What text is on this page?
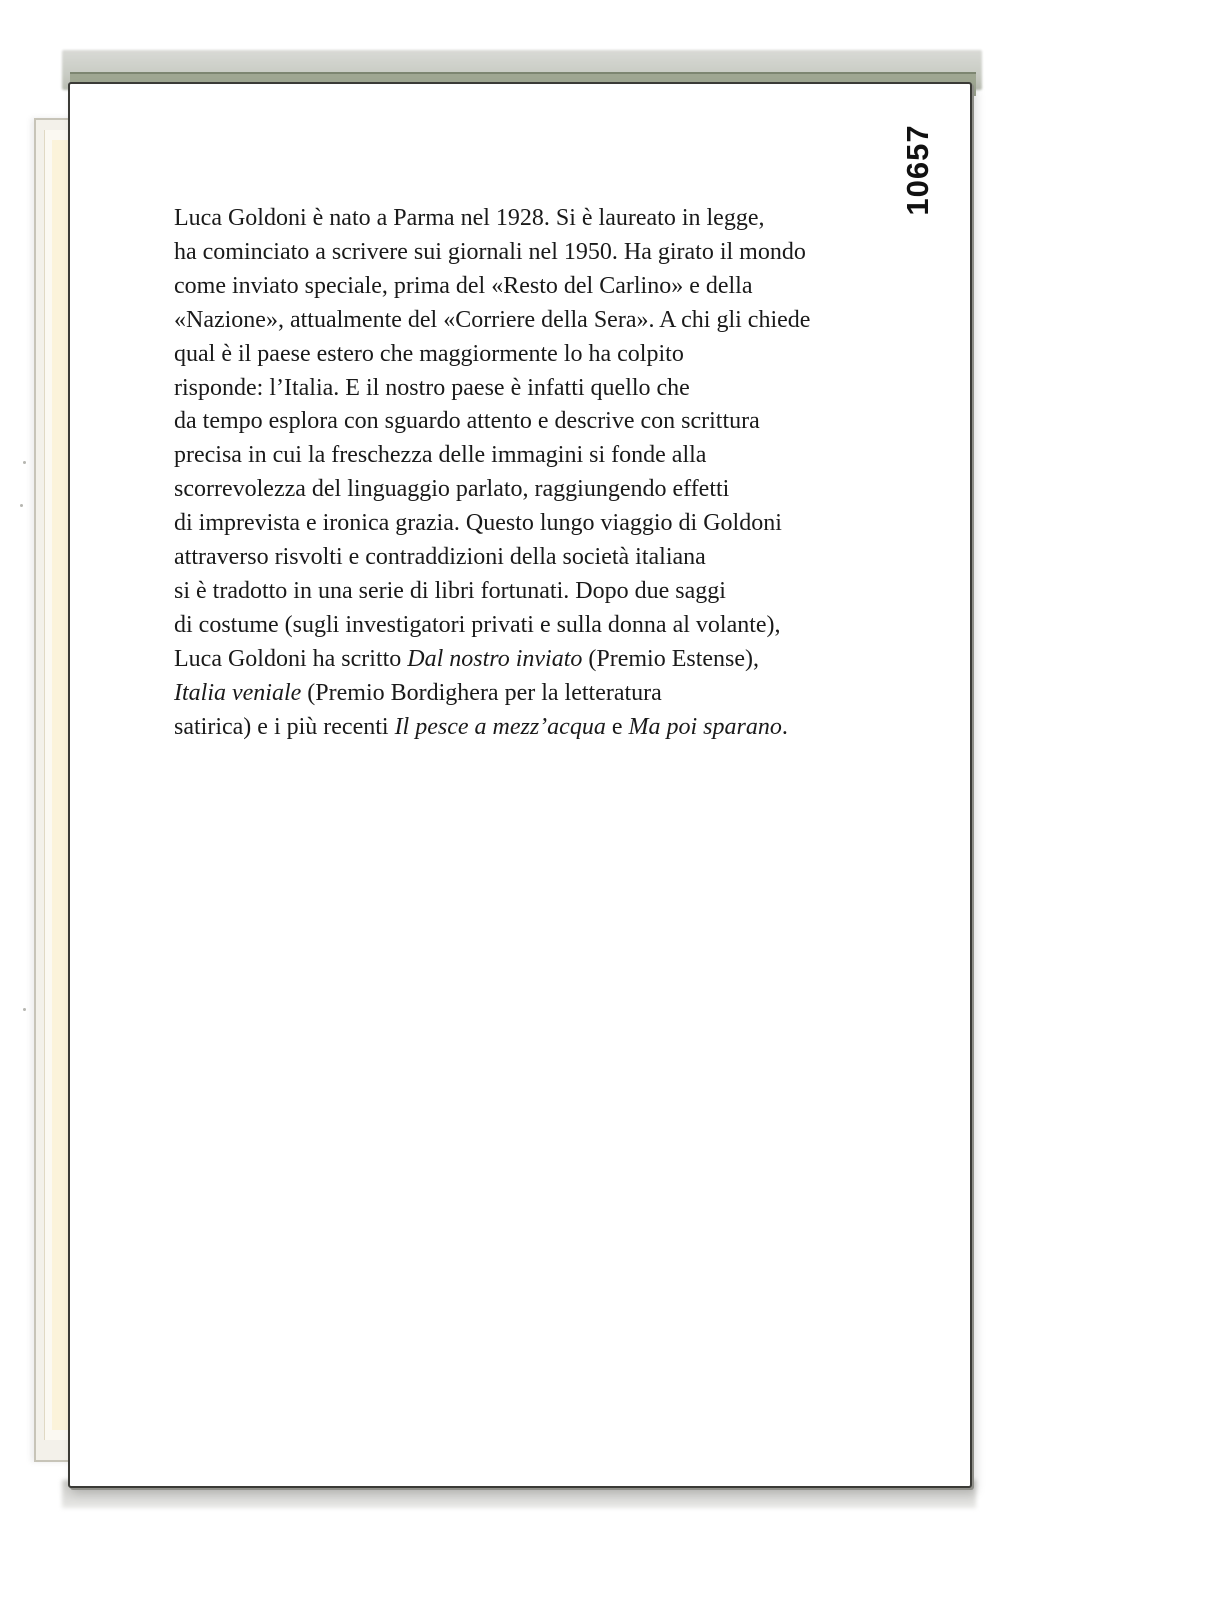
10657
Luca Goldoni è nato a Parma nel 1928. Si è laureato in legge,
ha cominciato a scrivere sui giornali nel 1950. Ha girato il mondo
come inviato speciale, prima del «Resto del Carlino» e della
«Nazione», attualmente del «Corriere della Sera». A chi gli chiede
qual è il paese estero che maggiormente lo ha colpito
risponde: l’Italia. E il nostro paese è infatti quello che
da tempo esplora con sguardo attento e descrive con scrittura
precisa in cui la freschezza delle immagini si fonde alla
scorrevolezza del linguaggio parlato, raggiungendo effetti
di imprevista e ironica grazia. Questo lungo viaggio di Goldoni
attraverso risvolti e contraddizioni della società italiana
si è tradotto in una serie di libri fortunati. Dopo due saggi
di costume (sugli investigatori privati e sulla donna al volante),
Luca Goldoni ha scritto Dal nostro inviato (Premio Estense),
Italia veniale (Premio Bordighera per la letteratura
satirica) e i più recenti Il pesce a mezz’acqua e Ma poi sparano.
